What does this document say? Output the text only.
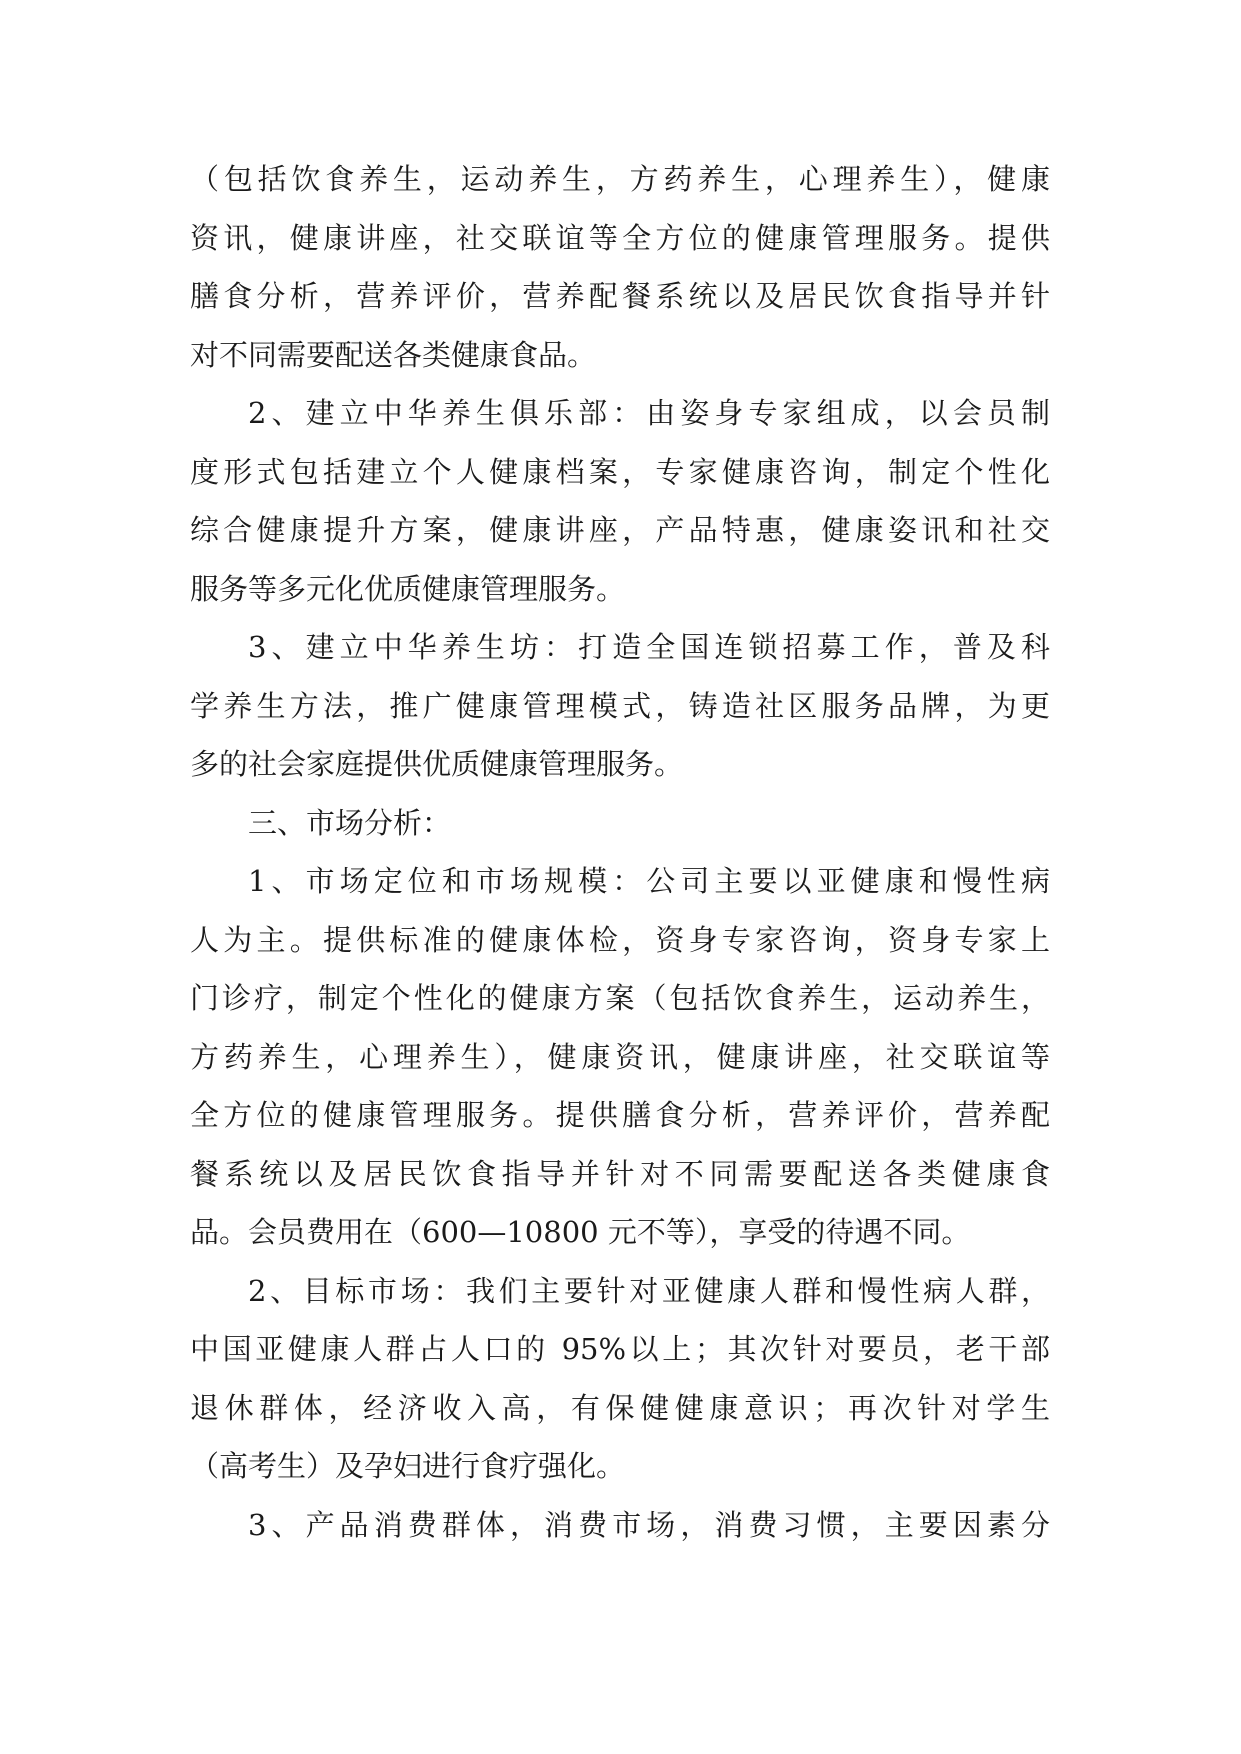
（包括饮食养生，运动养生，方药养生，心理养生），健康
资讯，健康讲座，社交联谊等全方位的健康管理服务。提供
膳食分析，营养评价，营养配餐系统以及居民饮食指导并针
对不同需要配送各类健康食品。
2、建立中华养生俱乐部：由姿身专家组成，以会员制
度形式包括建立个人健康档案，专家健康咨询，制定个性化
综合健康提升方案，健康讲座，产品特惠，健康姿讯和社交
服务等多元化优质健康管理服务。
3、建立中华养生坊：打造全国连锁招募工作，普及科
学养生方法，推广健康管理模式，铸造社区服务品牌，为更
多的社会家庭提供优质健康管理服务。
三、市场分析：
1、市场定位和市场规模：公司主要以亚健康和慢性病
人为主。提供标准的健康体检，资身专家咨询，资身专家上
门诊疗，制定个性化的健康方案（包括饮食养生，运动养生，
方药养生，心理养生），健康资讯，健康讲座，社交联谊等
全方位的健康管理服务。提供膳食分析，营养评价，营养配
餐系统以及居民饮食指导并针对不同需要配送各类健康食
品。会员费用在（600—10800 元不等），享受的待遇不同。
2、目标市场：我们主要针对亚健康人群和慢性病人群，
中国亚健康人群占人口的 95%以上；其次针对要员，老干部
退休群体，经济收入高，有保健健康意识；再次针对学生
（高考生）及孕妇进行食疗强化。
3、产品消费群体，消费市场，消费习惯，主要因素分
